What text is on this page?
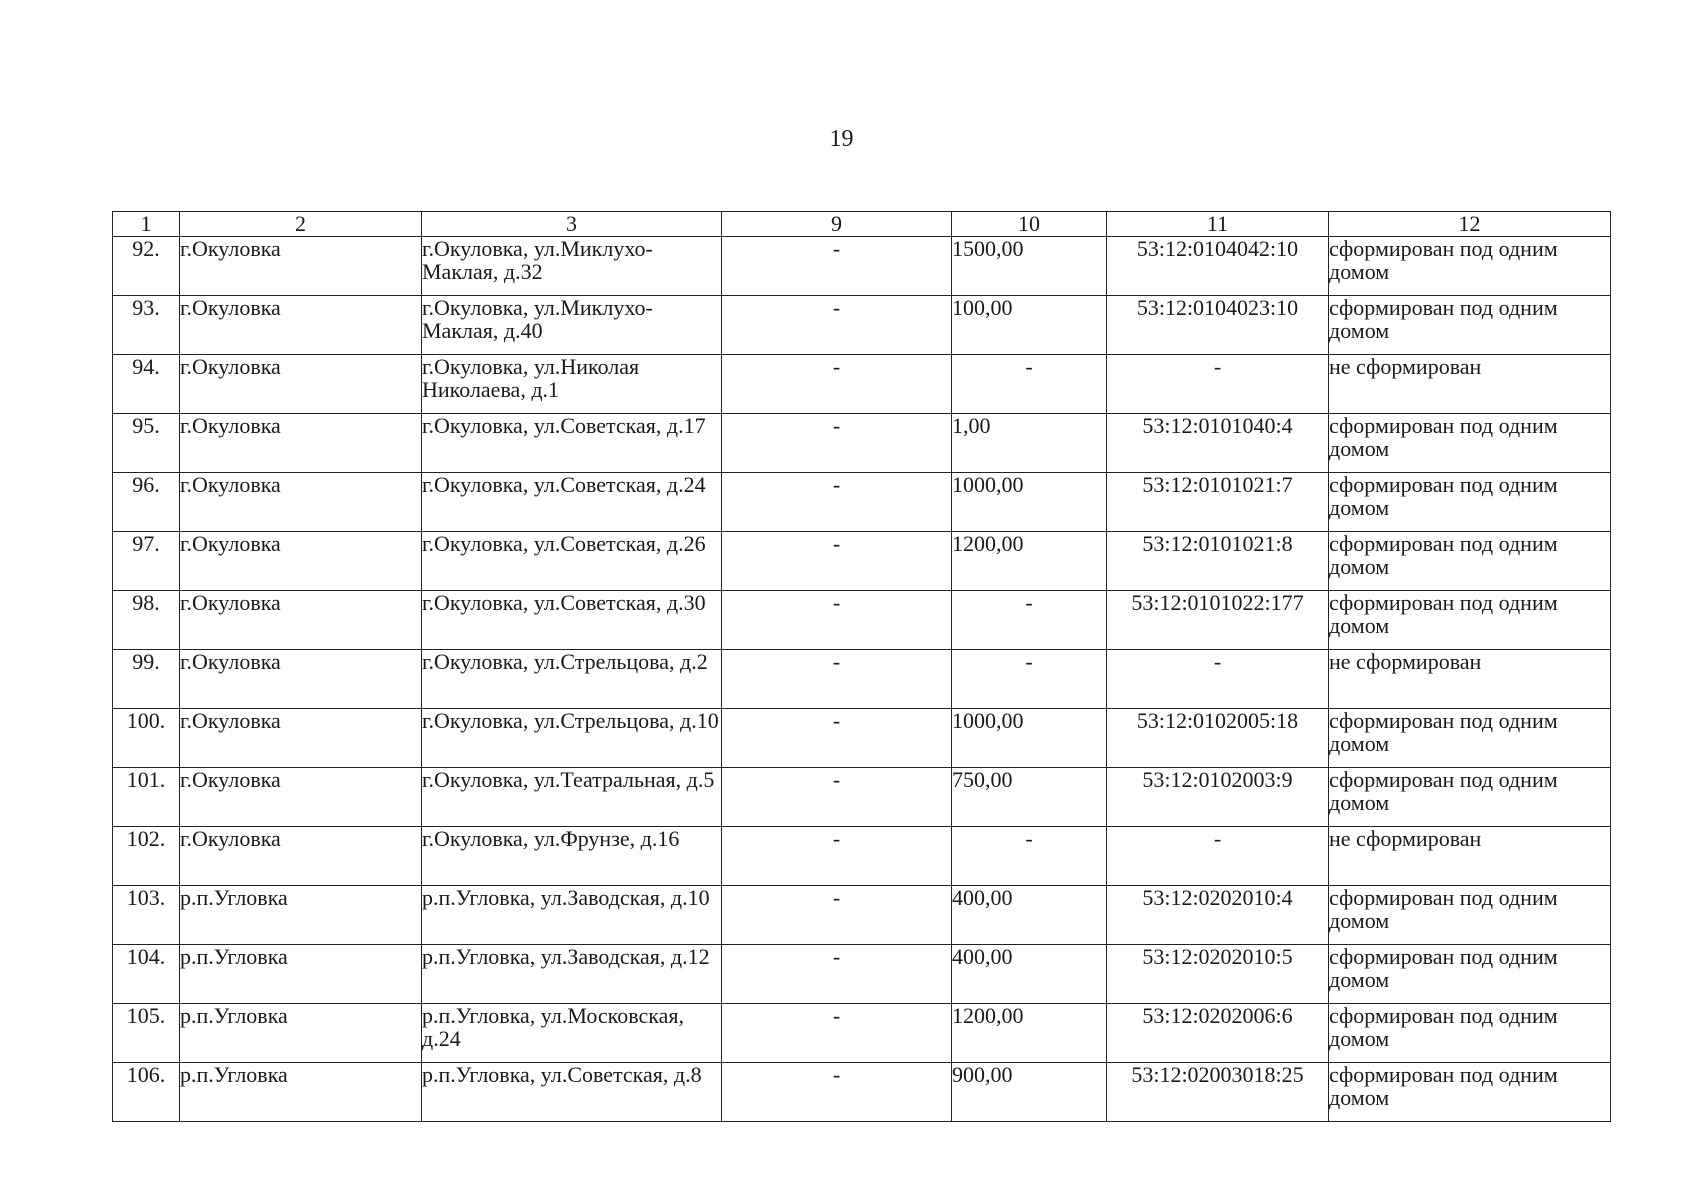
19
1	2	3	9	10	11	12
92.	г.Окуловка	г.Окуловка, ул.Миклухо-Маклая, д.32	-	1500,00	53:12:0104042:10	сформирован под одним домом
93.	г.Окуловка	г.Окуловка, ул.Миклухо-Маклая, д.40	-	100,00	53:12:0104023:10	сформирован под одним домом
94.	г.Окуловка	г.Окуловка, ул.Николая Николаева, д.1	-	-	-	не сформирован
95.	г.Окуловка	г.Окуловка, ул.Советская, д.17	-	1,00	53:12:0101040:4	сформирован под одним домом
96.	г.Окуловка	г.Окуловка, ул.Советская, д.24	-	1000,00	53:12:0101021:7	сформирован под одним домом
97.	г.Окуловка	г.Окуловка, ул.Советская, д.26	-	1200,00	53:12:0101021:8	сформирован под одним домом
98.	г.Окуловка	г.Окуловка, ул.Советская, д.30	-	-	53:12:0101022:177	сформирован под одним домом
99.	г.Окуловка	г.Окуловка, ул.Стрельцова, д.2	-	-	-	не сформирован
100.	г.Окуловка	г.Окуловка, ул.Стрельцова, д.10	-	1000,00	53:12:0102005:18	сформирован под одним домом
101.	г.Окуловка	г.Окуловка, ул.Театральная, д.5	-	750,00	53:12:0102003:9	сформирован под одним домом
102.	г.Окуловка	г.Окуловка, ул.Фрунзе, д.16	-	-	-	не сформирован
103.	р.п.Угловка	р.п.Угловка, ул.Заводская, д.10	-	400,00	53:12:0202010:4	сформирован под одним домом
104.	р.п.Угловка	р.п.Угловка, ул.Заводская, д.12	-	400,00	53:12:0202010:5	сформирован под одним домом
105.	р.п.Угловка	р.п.Угловка, ул.Московская, д.24	-	1200,00	53:12:0202006:6	сформирован под одним домом
106.	р.п.Угловка	р.п.Угловка, ул.Советская, д.8	-	900,00	53:12:02003018:25	сформирован под одним домом
